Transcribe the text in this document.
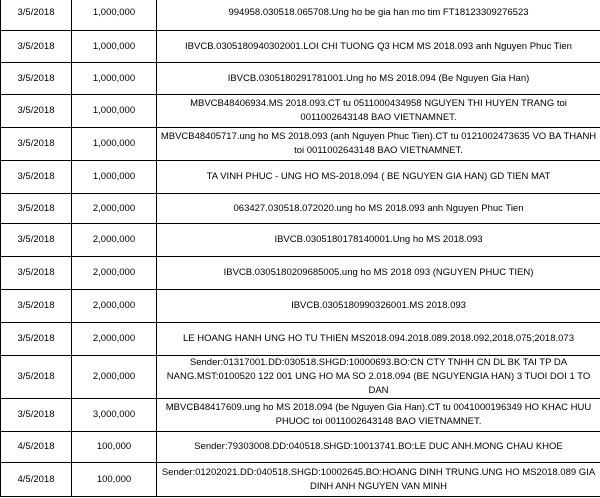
3/5/2018	1,000,000	994958.030518.065708.Ung ho be gia han mo tim FT18123309276523
3/5/2018	1,000,000	IBVCB.0305180940302001.LOI CHI TUONG Q3 HCM MS 2018.093 anh Nguyen Phuc Tien
3/5/2018	1,000,000	IBVCB.0305180291781001.Ung ho MS 2018.094 (Be Nguyen Gia Han)
3/5/2018	1,000,000	MBVCB48406934.MS 2018.093.CT tu 0511000434958 NGUYEN THI HUYEN TRANG toi 0011002643148 BAO VIETNAMNET.
3/5/2018	1,000,000	MBVCB48405717.ung ho MS 2018.093 (anh Nguyen Phuc Tien).CT tu 0121002473635 VO BA THANH toi 0011002643148 BAO VIETNAMNET.
3/5/2018	1,000,000	TA VINH PHUC - UNG HO MS-2018.094 ( BE NGUYEN GIA HAN) GD TIEN MAT
3/5/2018	2,000,000	063427.030518.072020.ung ho MS 2018.093 anh Nguyen Phuc Tien
3/5/2018	2,000,000	IBVCB.0305180178140001.Ung ho MS 2018.093
3/5/2018	2,000,000	IBVCB.0305180209685005.ung ho MS 2018 093 (NGUYEN PHUC TIEN)
3/5/2018	2,000,000	IBVCB.0305180990326001.MS 2018.093
3/5/2018	2,000,000	LE HOANG HANH UNG HO TU THIEN MS2018.094.2018.089.2018.092,2018.075;2018.073
3/5/2018	2,000,000	Sender:01317001.DD:030518.SHGD:10000693.BO:CN CTY TNHH CN DL BK TAI TP DA NANG.MST:0100520 122 001 UNG HO MA SO 2.018.094 (BE NGUYENGIA HAN) 3 TUOI DOI 1 TO DAN
3/5/2018	3,000,000	MBVCB48417609.ung ho MS 2018.094 (be Nguyen Gia Han).CT tu 0041000196349 HO KHAC HUU PHUOC toi 0011002643148 BAO VIETNAMNET.
4/5/2018	100,000	Sender:79303008.DD:040518.SHGD:10013741.BO:LE DUC ANH.MONG CHAU KHOE
4/5/2018	100,000	Sender:01202021.DD:040518.SHGD:10002645.BO:HOANG DINH TRUNG.UNG HO MS2018.089 GIA DINH ANH NGUYEN VAN MINH
